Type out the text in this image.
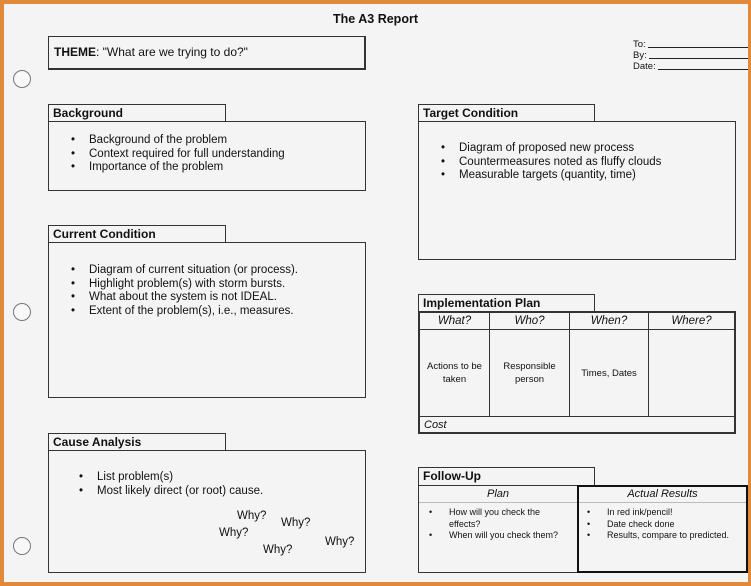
The A3 Report
To:
By:
Date:
THEME: "What are we trying to do?"
Background
• Background of the problem
• Context required for full understanding
• Importance of the problem
Current Condition
• Diagram of current situation (or process).
• Highlight problem(s) with storm bursts.
• What about the system is not IDEAL.
• Extent of the problem(s), i.e., measures.
Cause Analysis
• List problem(s)
• Most likely direct (or root) cause.
Why?
Why?
Why?
Why?
Why?
Target Condition
• Diagram of proposed new process
• Countermeasures noted as fluffy clouds
• Measurable targets (quantity, time)
Implementation Plan
What?	Who?	When?	Where?
Actions to be taken	Responsible person	Times, Dates	
Cost			
Follow-Up
Plan
• How will you check the effects?
• When will you check them?
Actual Results
• In red ink/pencil!
• Date check done
• Results, compare to predicted.
